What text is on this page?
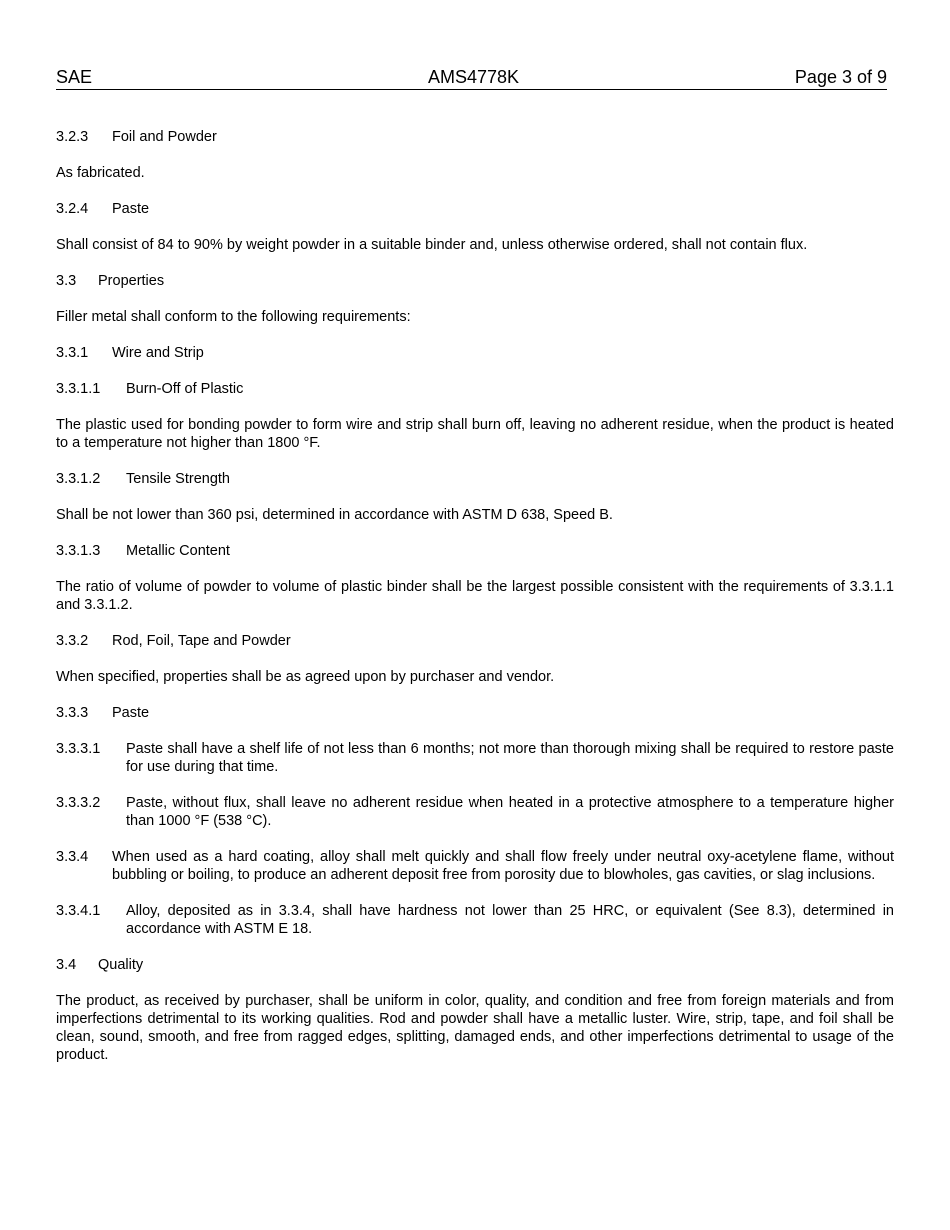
SAE	AMS4778K	Page 3 of 9
3.2.3 Foil and Powder

As fabricated.

3.2.4 Paste

Shall consist of 84 to 90% by weight powder in a suitable binder and, unless otherwise ordered, shall not contain flux.

3.3 Properties

Filler metal shall conform to the following requirements:

3.3.1 Wire and Strip
3.3.1.1 Burn-Off of Plastic

The plastic used for bonding powder to form wire and strip shall burn off, leaving no adherent residue, when the product is heated to a temperature not higher than 1800 °F.

3.3.1.2 Tensile Strength

Shall be not lower than 360 psi, determined in accordance with ASTM D 638, Speed B.

3.3.1.3 Metallic Content

The ratio of volume of powder to volume of plastic binder shall be the largest possible consistent with the requirements of 3.3.1.1 and 3.3.1.2.

3.3.2 Rod, Foil, Tape and Powder

When specified, properties shall be as agreed upon by purchaser and vendor.

3.3.3 Paste
3.3.3.1	Paste shall have a shelf life of not less than 6 months; not more than thorough mixing shall be required to restore paste for use during that time.
3.3.3.2	Paste, without flux, shall leave no adherent residue when heated in a protective atmosphere to a temperature higher than 1000 °F (538 °C).
3.3.4	When used as a hard coating, alloy shall melt quickly and shall flow freely under neutral oxy-acetylene flame, without bubbling or boiling, to produce an adherent deposit free from porosity due to blowholes, gas cavities, or slag inclusions.
3.3.4.1	Alloy, deposited as in 3.3.4, shall have hardness not lower than 25 HRC, or equivalent (See 8.3), determined in accordance with ASTM E 18.
3.4 Quality

The product, as received by purchaser, shall be uniform in color, quality, and condition and free from foreign materials and from imperfections detrimental to its working qualities. Rod and powder shall have a metallic luster. Wire, strip, tape, and foil shall be clean, sound, smooth, and free from ragged edges, splitting, damaged ends, and other imperfections detrimental to usage of the product.
